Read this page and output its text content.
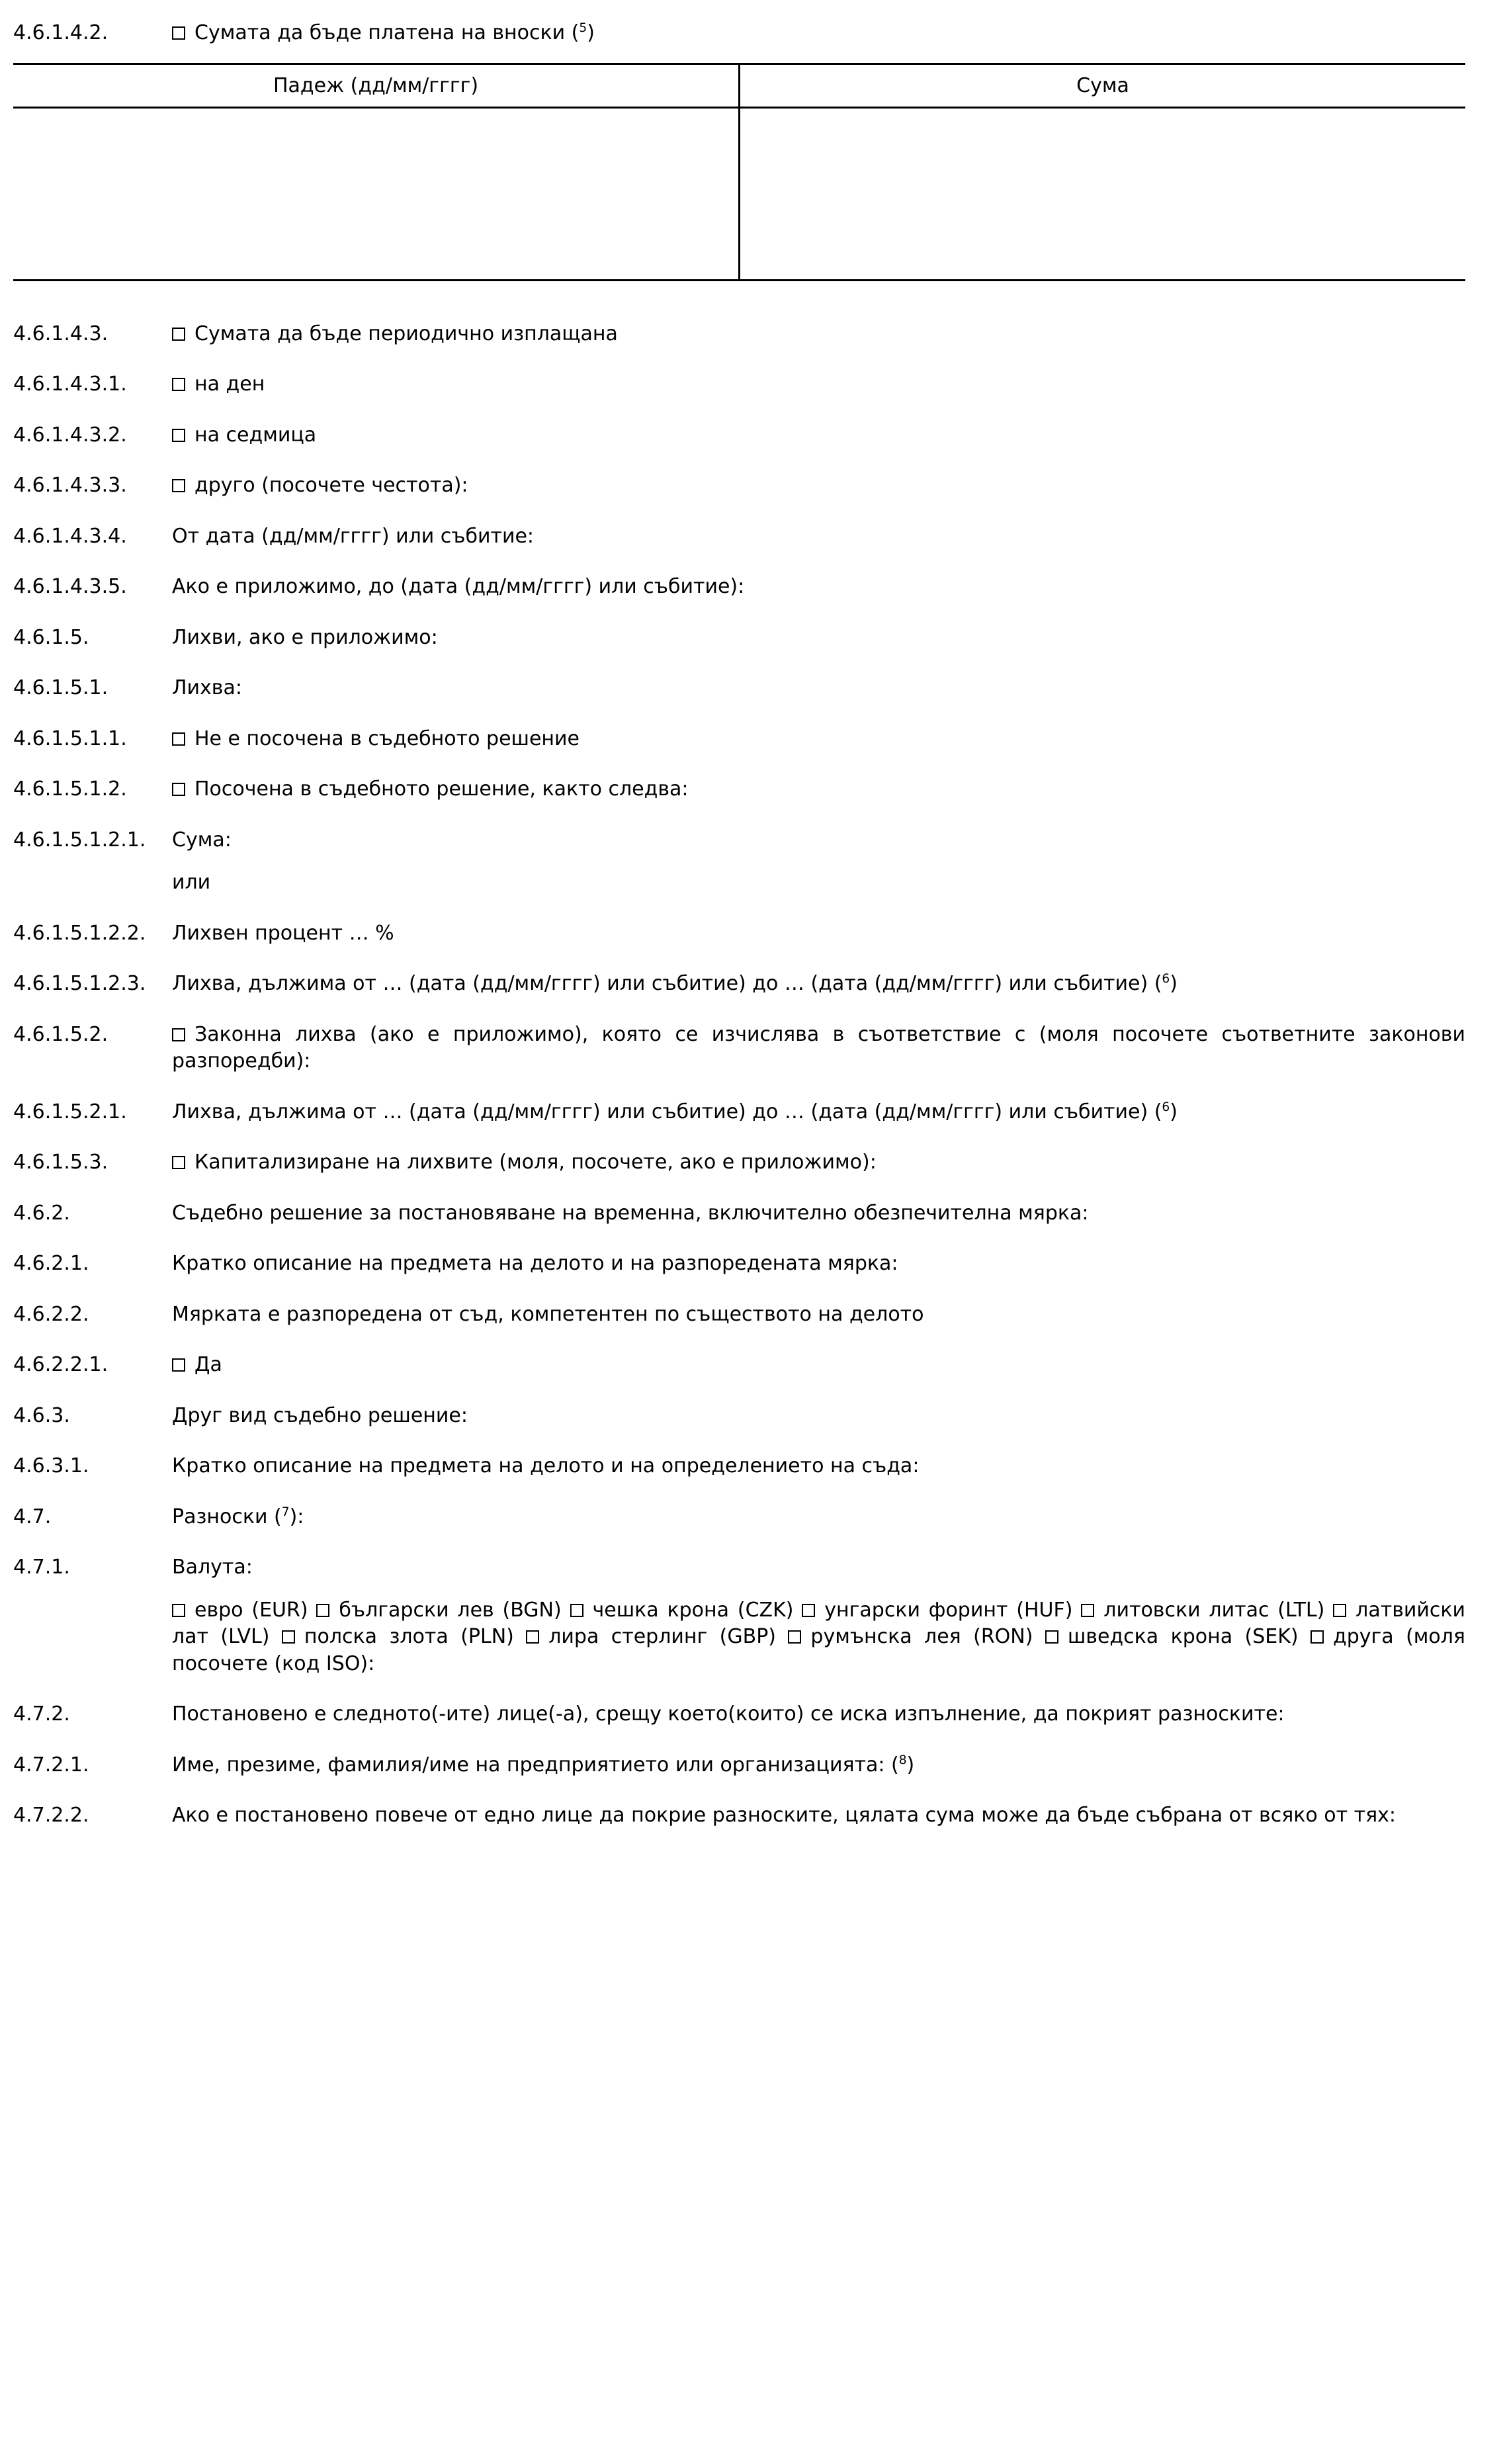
4.6.1.4.2.	Сумата да бъде платена на вноски ($^5$)
Падеж (дд/мм/гггг)	Сума

4.6.1.4.3.	Сумата да бъде периодично изплащана
4.6.1.4.3.1.	на ден
4.6.1.4.3.2.	на седмица
4.6.1.4.3.3.	друго (посочете честота):
4.6.1.4.3.4.	От дата (дд/мм/гггг) или събитие:
4.6.1.4.3.5.	Ако е приложимо, до (дата (дд/мм/гггг) или събитие):
4.6.1.5.	Лихви, ако е приложимо:
4.6.1.5.1.	Лихва:
4.6.1.5.1.1.	Не е посочена в съдебното решение
4.6.1.5.1.2.	Посочена в съдебното решение, както следва:
4.6.1.5.1.2.1.	Сума:
или
4.6.1.5.1.2.2.	Лихвен процент … %
4.6.1.5.1.2.3.	Лихва, дължима от … (дата (дд/мм/гггг) или събитие) до … (дата (дд/мм/гггг) или събитие) ($^6$)
4.6.1.5.2.	Законна лихва (ако е приложимо), която се изчислява в съответствие с (моля посочете съответните законови разпоредби):
4.6.1.5.2.1.	Лихва, дължима от … (дата (дд/мм/гггг) или събитие) до … (дата (дд/мм/гггг) или събитие) ($^6$)
4.6.1.5.3.	Капитализиране на лихвите (моля, посочете, ако е приложимо):
4.6.2.	Съдебно решение за постановяване на временна, включително обезпечителна мярка:
4.6.2.1.	Кратко описание на предмета на делото и на разпоредената мярка:
4.6.2.2.	Мярката е разпоредена от съд, компетентен по съществото на делото
4.6.2.2.1.	Да
4.6.3.	Друг вид съдебно решение:
4.6.3.1.	Кратко описание на предмета на делото и на определението на съда:
4.7.	Разноски ($^7$):
4.7.1.	Валута:
евро (EUR) български лев (BGN) чешка крона (CZK) унгарски форинт (HUF) литовски литас (LTL) латвийски лат (LVL) полска злота (PLN) лира стерлинг (GBP) румънска лея (RON) шведска крона (SEK) друга (моля посочете (код ISO):
4.7.2.	Постановено е следното(-ите) лице(-а), срещу което(които) се иска изпълнение, да покрият разноските:
4.7.2.1.	Име, презиме, фамилия/име на предприятието или организацията: ($^8$)
4.7.2.2.	Ако е постановено повече от едно лице да покрие разноските, цялата сума може да бъде събрана от всяко от тях:
